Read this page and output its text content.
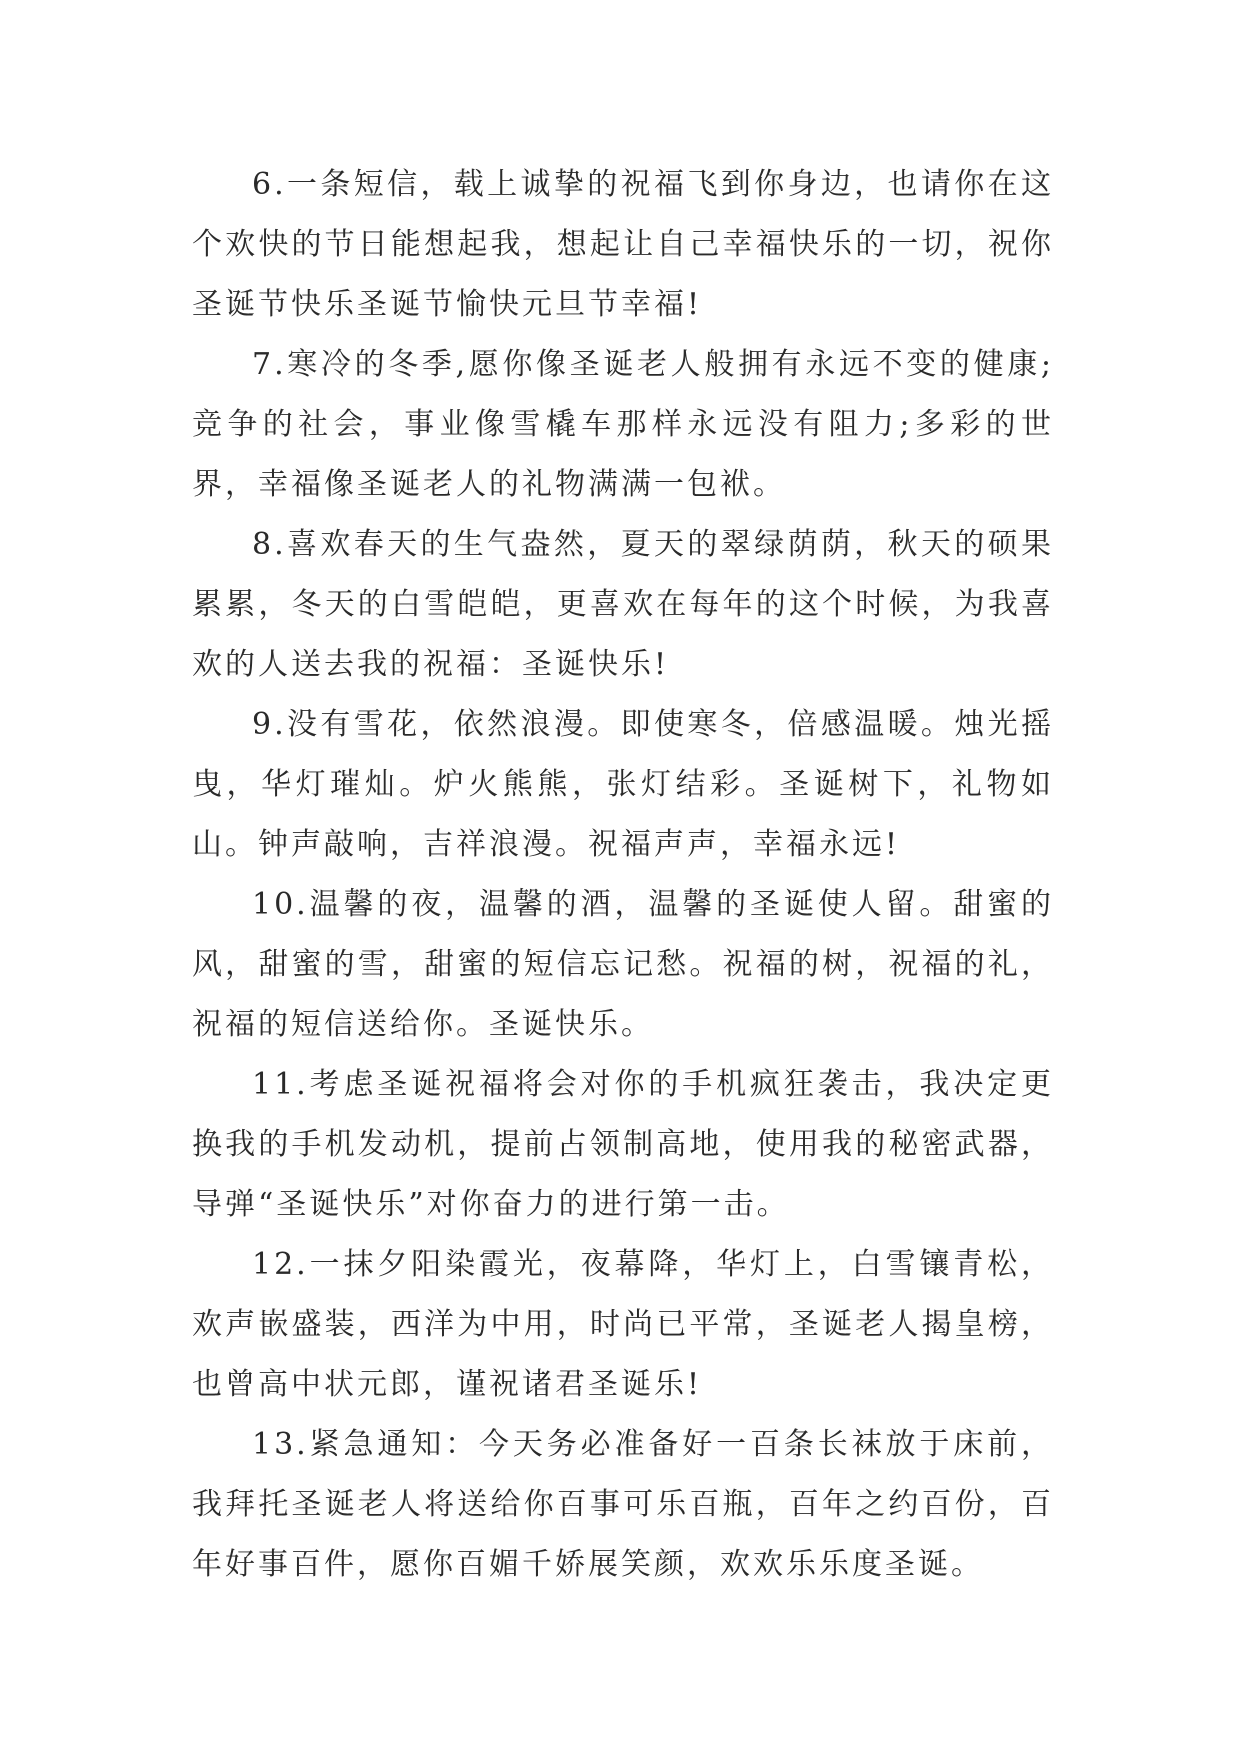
6.一条短信，载上诚挚的祝福飞到你身边，也请你在这个欢快的节日能想起我，想起让自己幸福快乐的一切，祝你圣诞节快乐圣诞节愉快元旦节幸福!

7.寒冷的冬季,愿你像圣诞老人般拥有永远不变的健康;竞争的社会，事业像雪橇车那样永远没有阻力;多彩的世界，幸福像圣诞老人的礼物满满一包袱。

8.喜欢春天的生气盎然，夏天的翠绿荫荫，秋天的硕果累累，冬天的白雪皑皑，更喜欢在每年的这个时候，为我喜欢的人送去我的祝福：圣诞快乐!

9.没有雪花，依然浪漫。即使寒冬，倍感温暖。烛光摇曳，华灯璀灿。炉火熊熊，张灯结彩。圣诞树下，礼物如山。钟声敲响，吉祥浪漫。祝福声声，幸福永远!

10.温馨的夜，温馨的酒，温馨的圣诞使人留。甜蜜的风，甜蜜的雪，甜蜜的短信忘记愁。祝福的树，祝福的礼，祝福的短信送给你。圣诞快乐。

11.考虑圣诞祝福将会对你的手机疯狂袭击，我决定更换我的手机发动机，提前占领制高地，使用我的秘密武器，导弹“圣诞快乐”对你奋力的进行第一击。

12.一抹夕阳染霞光，夜幕降，华灯上，白雪镶青松，欢声嵌盛装，西洋为中用，时尚已平常，圣诞老人揭皇榜，也曾高中状元郎，谨祝诸君圣诞乐!

13.紧急通知：今天务必准备好一百条长袜放于床前，我拜托圣诞老人将送给你百事可乐百瓶，百年之约百份，百年好事百件，愿你百媚千娇展笑颜，欢欢乐乐度圣诞。
